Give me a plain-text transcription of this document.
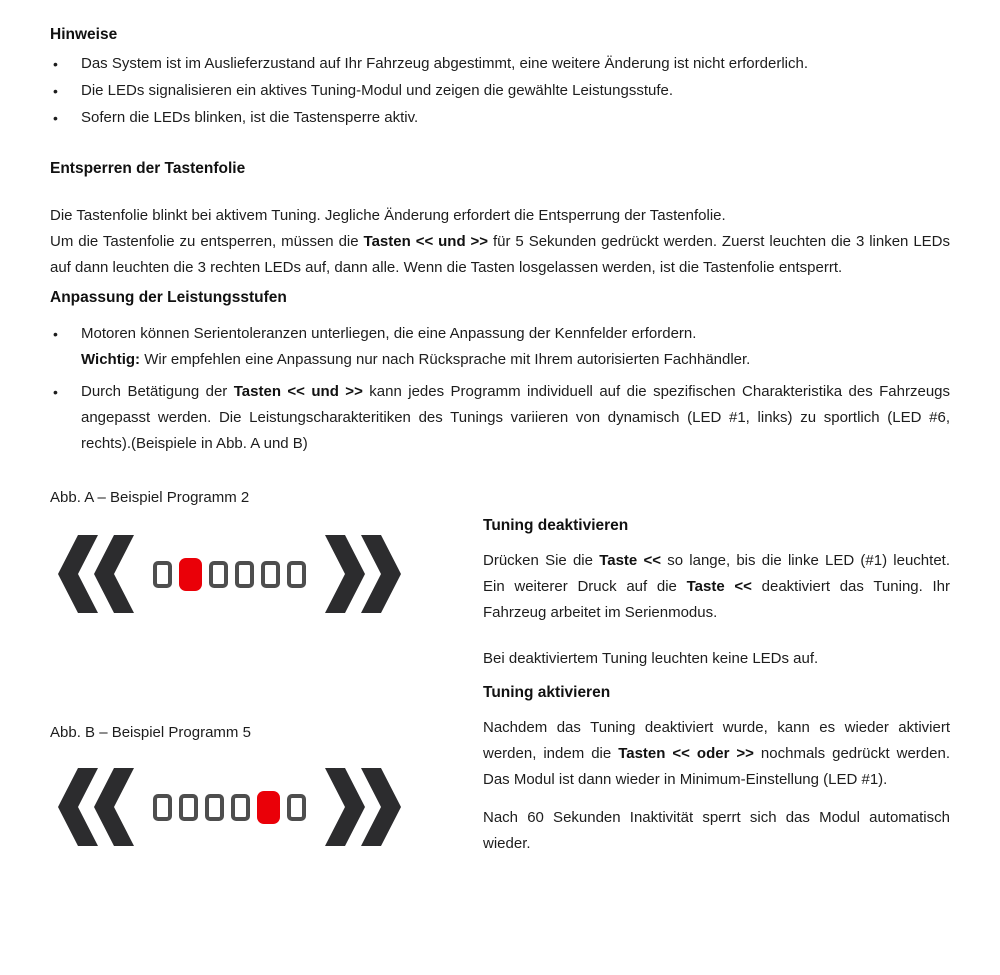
Hinweise
•

Das System ist im Auslieferzustand auf Ihr Fahrzeug abgestimmt, eine weitere Änderung ist nicht erforderlich.

•

Die LEDs signalisieren ein aktives Tuning-Modul und zeigen die gewählte Leistungsstufe.

•

Sofern die LEDs blinken, ist die Tastensperre aktiv.

Entsperren der Tastenfolie

Die Tastenfolie blinkt bei aktivem Tuning. Jegliche Änderung erfordert die Entsperrung der Tastenfolie.

Um die Tastenfolie zu entsperren, müssen die Tasten << und >> für 5 Sekunden gedrückt werden. Zuerst leuchten die 3 linken LEDs auf dann leuchten die 3 rechten LEDs auf, dann alle. Wenn die Tasten losgelassen werden, ist die Tastenfolie entsperrt.

Anpassung der Leistungsstufen
•

Motoren können Serientoleranzen unterliegen, die eine Anpassung der Kennfelder erfordern.
Wichtig: Wir empfehlen eine Anpassung nur nach Rücksprache mit Ihrem autorisierten Fachhändler.

•

Durch Betätigung der Tasten << und >> kann jedes Programm individuell auf die spezifischen Charakteristika des Fahrzeugs angepasst werden. Die Leistungscharakteritiken des Tunings variieren von dynamisch (LED #1, links) zu sportlich (LED #6, rechts).(Beispiele in Abb. A und B)

Abb. A – Beispiel Programm 2

Abb. B – Beispiel Programm 5

Tuning deaktivieren

Drücken Sie die Taste << so lange, bis die linke LED (#1) leuchtet. Ein weiterer Druck auf die Taste << deaktiviert das Tuning. Ihr Fahrzeug arbeitet im Serienmodus.

Bei deaktiviertem Tuning leuchten keine LEDs auf.

Tuning aktivieren

Nachdem das Tuning deaktiviert wurde, kann es wieder aktiviert werden, indem die Tasten << oder >> nochmals gedrückt werden. Das Modul ist dann wieder in Minimum-Einstellung (LED #1).

Nach 60 Sekunden Inaktivität sperrt sich das Modul automatisch wieder.
